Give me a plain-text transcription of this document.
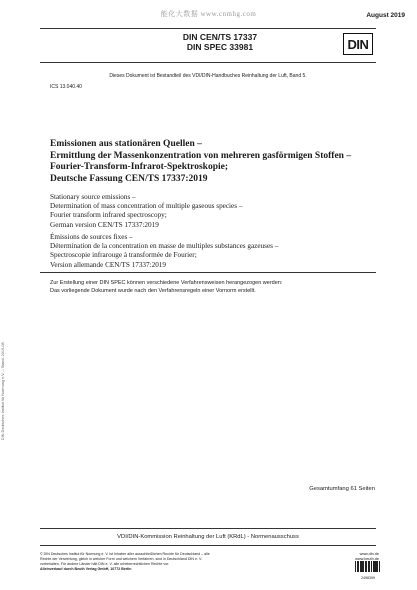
能化大数据 www.cnmhg.com	August 2019
DIN CEN/TS 17337
DIN SPEC 33981	DIN
Dieses Dokument ist Bestandteil des VDI/DIN-Handbuches Reinhaltung der Luft, Band 5.
ICS 13.040.40
Emissionen aus stationären Quellen –
Ermittlung der Massenkonzentration von mehreren gasförmigen Stoffen –
Fourier-Transform-Infrarot-Spektroskopie;
Deutsche Fassung CEN/TS 17337:2019
Stationary source emissions –
Determination of mass concentration of multiple gaseous species –
Fourier transform infrared spectroscopy;
German version CEN/TS 17337:2019
Émissions de sources fixes –
Détermination de la concentration en masse de multiples substances gazeuses –
Spectroscopie infrarouge à transformée de Fourier;
Version allemande CEN/TS 17337:2019
Zur Erstellung einer DIN SPEC können verschiedene Verfahrensweisen herangezogen werden:
Das vorliegende Dokument wurde nach den Verfahrensregeln einer Vornorm erstellt.
DIN Deutsches Institut für Normung e.V. – Stand: 2019-08
Gesamtumfang 61 Seiten
VDI/DIN-Kommission Reinhaltung der Luft (KRdL) - Normenausschuss
© DIN Deutsches Institut für Normung e. V. ist Inhaber aller ausschließlichen Rechte für Deutschland – alle
Rechte der Verwertung, gleich in welcher Form und welchem Verfahren, sind in Deutschland DIN e. V.
vorbehalten. Für andere Länder hält DIN e. V. alle urheberrechtlichen Rechte vor.
Alleinverkauf durch Beuth Verlag GmbH, 10772 Berlin
www.din.de
www.beuth.de
2498399
